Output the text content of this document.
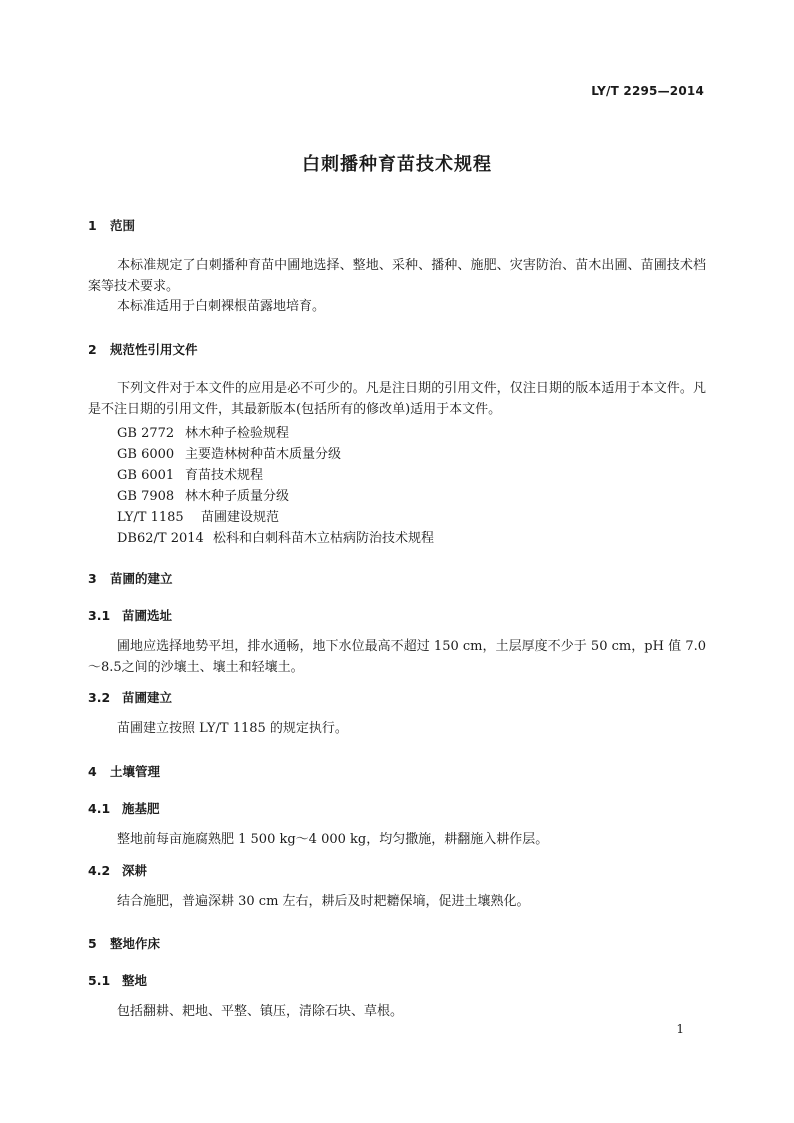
LY/T 2295—2014
白刺播种育苗技术规程
1 范围
本标准规定了白刺播种育苗中圃地选择、整地、采种、播种、施肥、灾害防治、苗木出圃、苗圃技术档案等技术要求。
本标准适用于白刺裸根苗露地培育。
2 规范性引用文件
下列文件对于本文件的应用是必不可少的。凡是注日期的引用文件，仅注日期的版本适用于本文件。凡是不注日期的引用文件，其最新版本(包括所有的修改单)适用于本文件。
GB 2772 林木种子检验规程
GB 6000 主要造林树种苗木质量分级
GB 6001 育苗技术规程
GB 7908 林木种子质量分级
LY/T 1185 苗圃建设规范
DB62/T 2014 松科和白刺科苗木立枯病防治技术规程
3 苗圃的建立
3.1 苗圃选址
圃地应选择地势平坦，排水通畅，地下水位最高不超过 150 cm，土层厚度不少于 50 cm，pH 值 7.0～8.5之间的沙壤土、壤土和轻壤土。
3.2 苗圃建立
苗圃建立按照 LY/T 1185 的规定执行。
4 土壤管理
4.1 施基肥
整地前每亩施腐熟肥 1 500 kg～4 000 kg，均匀撒施，耕翻施入耕作层。
4.2 深耕
结合施肥，普遍深耕 30 cm 左右，耕后及时耙耱保墒，促进土壤熟化。
5 整地作床
5.1 整地
包括翻耕、耙地、平整、镇压，清除石块、草根。
1
